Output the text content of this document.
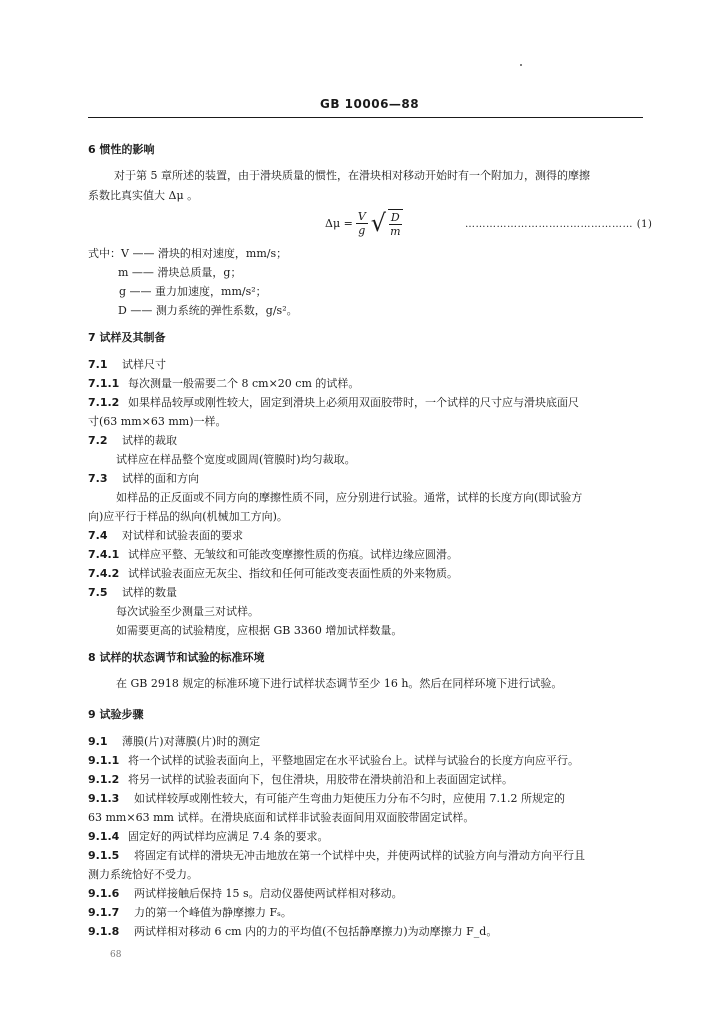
GB 10006—88
6 惯性的影响
对于第 5 章所述的装置，由于滑块质量的惯性，在滑块相对移动开始时有一个附加力，测得的摩擦
系数比真实值大 Δμ 。
$\Delta\mu = \frac{V}{g}$ √ $\frac{D}{m}$	………………………………………… (1)
式中：V —— 滑块的相对速度，mm/s；
m —— 滑块总质量，g；
g —— 重力加速度，mm/s²；
D —— 测力系统的弹性系数，g/s²。
7 试样及其制备
7.1 试样尺寸
7.1.1 每次测量一般需要二个 8 cm×20 cm 的试样。
7.1.2 如果样品较厚或刚性较大，固定到滑块上必须用双面胶带时，一个试样的尺寸应与滑块底面尺
寸(63 mm×63 mm)一样。
7.2 试样的裁取
试样应在样品整个宽度或圆周(管膜时)均匀裁取。
7.3 试样的面和方向
如样品的正反面或不同方向的摩擦性质不同，应分别进行试验。通常，试样的长度方向(即试验方
向)应平行于样品的纵向(机械加工方向)。
7.4 对试样和试验表面的要求
7.4.1 试样应平整、无皱纹和可能改变摩擦性质的伤痕。试样边缘应圆滑。
7.4.2 试样试验表面应无灰尘、指纹和任何可能改变表面性质的外来物质。
7.5 试样的数量
每次试验至少测量三对试样。
如需要更高的试验精度，应根据 GB 3360 增加试样数量。
8 试样的状态调节和试验的标准环境
在 GB 2918 规定的标准环境下进行试样状态调节至少 16 h。然后在同样环境下进行试验。
9 试验步骤
9.1 薄膜(片)对薄膜(片)时的测定
9.1.1 将一个试样的试验表面向上，平整地固定在水平试验台上。试样与试验台的长度方向应平行。
9.1.2 将另一试样的试验表面向下，包住滑块，用胶带在滑块前沿和上表面固定试样。
9.1.3 如试样较厚或刚性较大，有可能产生弯曲力矩使压力分布不匀时，应使用 7.1.2 所规定的
63 mm×63 mm 试样。在滑块底面和试样非试验表面间用双面胶带固定试样。
9.1.4 固定好的两试样均应满足 7.4 条的要求。
9.1.5 将固定有试样的滑块无冲击地放在第一个试样中央，并使两试样的试验方向与滑动方向平行且
测力系统恰好不受力。
9.1.6 两试样接触后保持 15 s。启动仪器使两试样相对移动。
9.1.7 力的第一个峰值为静摩擦力 Fₛ。
9.1.8 两试样相对移动 6 cm 内的力的平均值(不包括静摩擦力)为动摩擦力 F_d。
68
